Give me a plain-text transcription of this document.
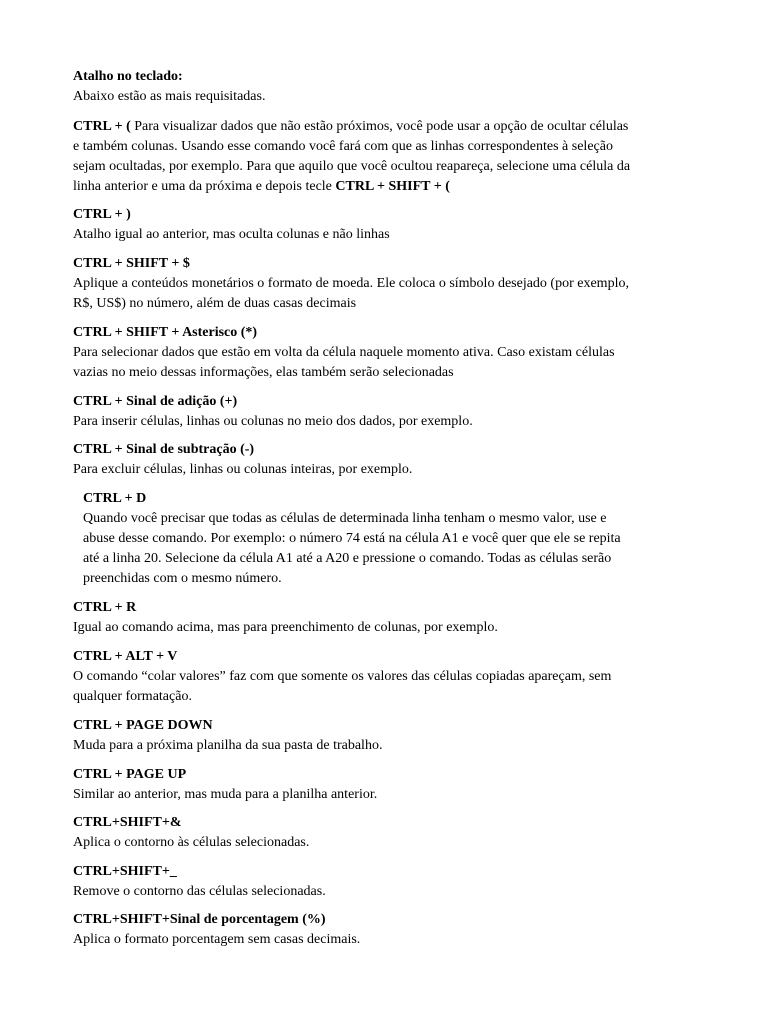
Atalho no teclado:
Abaixo estão as mais requisitadas.
CTRL + ( Para visualizar dados que não estão próximos, você pode usar a opção de ocultar células
e também colunas. Usando esse comando você fará com que as linhas correspondentes à seleção
sejam ocultadas, por exemplo. Para que aquilo que você ocultou reapareça, selecione uma célula da
linha anterior e uma da próxima e depois tecle CTRL + SHIFT + (
CTRL + )
Atalho igual ao anterior, mas oculta colunas e não linhas
CTRL + SHIFT + $
Aplique a conteúdos monetários o formato de moeda. Ele coloca o símbolo desejado (por exemplo,
R$, US$) no número, além de duas casas decimais
CTRL + SHIFT + Asterisco (*)
Para selecionar dados que estão em volta da célula naquele momento ativa. Caso existam células
vazias no meio dessas informações, elas também serão selecionadas
CTRL + Sinal de adição (+)
Para inserir células, linhas ou colunas no meio dos dados, por exemplo.
CTRL + Sinal de subtração (-)
Para excluir células, linhas ou colunas inteiras, por exemplo.
CTRL + D
Quando você precisar que todas as células de determinada linha tenham o mesmo valor, use e
abuse desse comando. Por exemplo: o número 74 está na célula A1 e você quer que ele se repita
até a linha 20. Selecione da célula A1 até a A20 e pressione o comando. Todas as células serão
preenchidas com o mesmo número.
CTRL + R
Igual ao comando acima, mas para preenchimento de colunas, por exemplo.
CTRL + ALT + V
O comando “colar valores” faz com que somente os valores das células copiadas apareçam, sem
qualquer formatação.
CTRL + PAGE DOWN
Muda para a próxima planilha da sua pasta de trabalho.
CTRL + PAGE UP
Similar ao anterior, mas muda para a planilha anterior.
CTRL+SHIFT+&
Aplica o contorno às células selecionadas.
CTRL+SHIFT+_
Remove o contorno das células selecionadas.
CTRL+SHIFT+Sinal de porcentagem (%)
Aplica o formato porcentagem sem casas decimais.
